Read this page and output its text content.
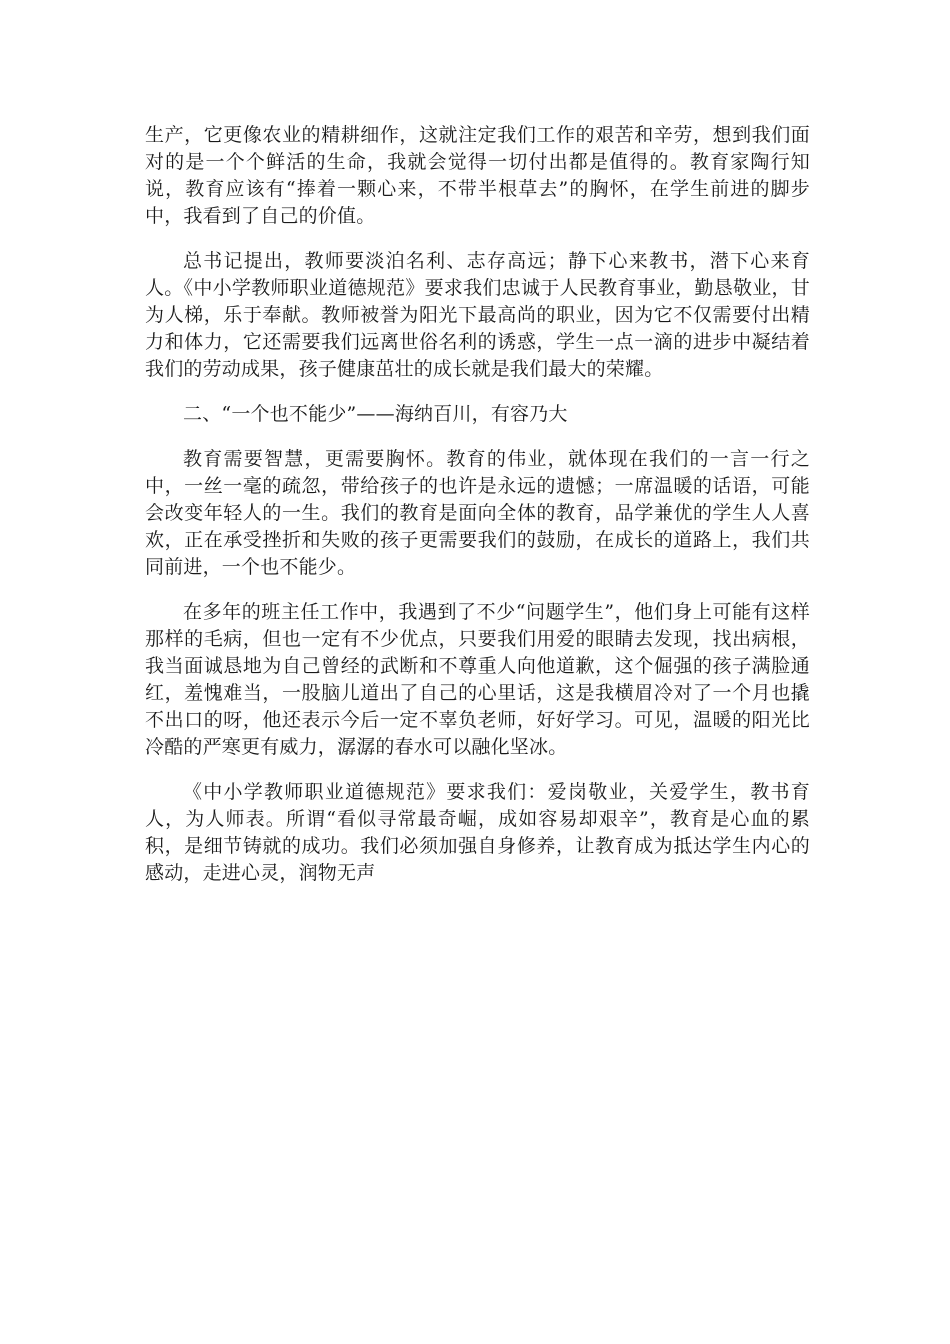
生产，它更像农业的精耕细作，这就注定我们工作的艰苦和辛劳，想到我们面对的是一个个鲜活的生命，我就会觉得一切付出都是值得的。教育家陶行知说，教育应该有“捧着一颗心来，不带半根草去”的胸怀，在学生前进的脚步中，我看到了自己的价值。

总书记提出，教师要淡泊名利、志存高远；静下心来教书，潜下心来育人。《中小学教师职业道德规范》要求我们忠诚于人民教育事业，勤恳敬业，甘为人梯，乐于奉献。教师被誉为阳光下最高尚的职业，因为它不仅需要付出精力和体力，它还需要我们远离世俗名利的诱惑，学生一点一滴的进步中凝结着我们的劳动成果，孩子健康茁壮的成长就是我们最大的荣耀。

二、“一个也不能少”——海纳百川，有容乃大

教育需要智慧，更需要胸怀。教育的伟业，就体现在我们的一言一行之中，一丝一毫的疏忽，带给孩子的也许是永远的遗憾；一席温暖的话语，可能会改变年轻人的一生。我们的教育是面向全体的教育，品学兼优的学生人人喜欢，正在承受挫折和失败的孩子更需要我们的鼓励，在成长的道路上，我们共同前进，一个也不能少。

在多年的班主任工作中，我遇到了不少“问题学生”，他们身上可能有这样那样的毛病，但也一定有不少优点，只要我们用爱的眼睛去发现，找出病根，我当面诚恳地为自己曾经的武断和不尊重人向他道歉，这个倔强的孩子满脸通红，羞愧难当，一股脑儿道出了自己的心里话，这是我横眉冷对了一个月也撬不出口的呀，他还表示今后一定不辜负老师，好好学习。可见，温暖的阳光比冷酷的严寒更有威力，潺潺的春水可以融化坚冰。

《中小学教师职业道德规范》要求我们：爱岗敬业，关爱学生，教书育人，为人师表。所谓“看似寻常最奇崛，成如容易却艰辛”，教育是心血的累积，是细节铸就的成功。我们必须加强自身修养，让教育成为抵达学生内心的感动，走进心灵，润物无声
